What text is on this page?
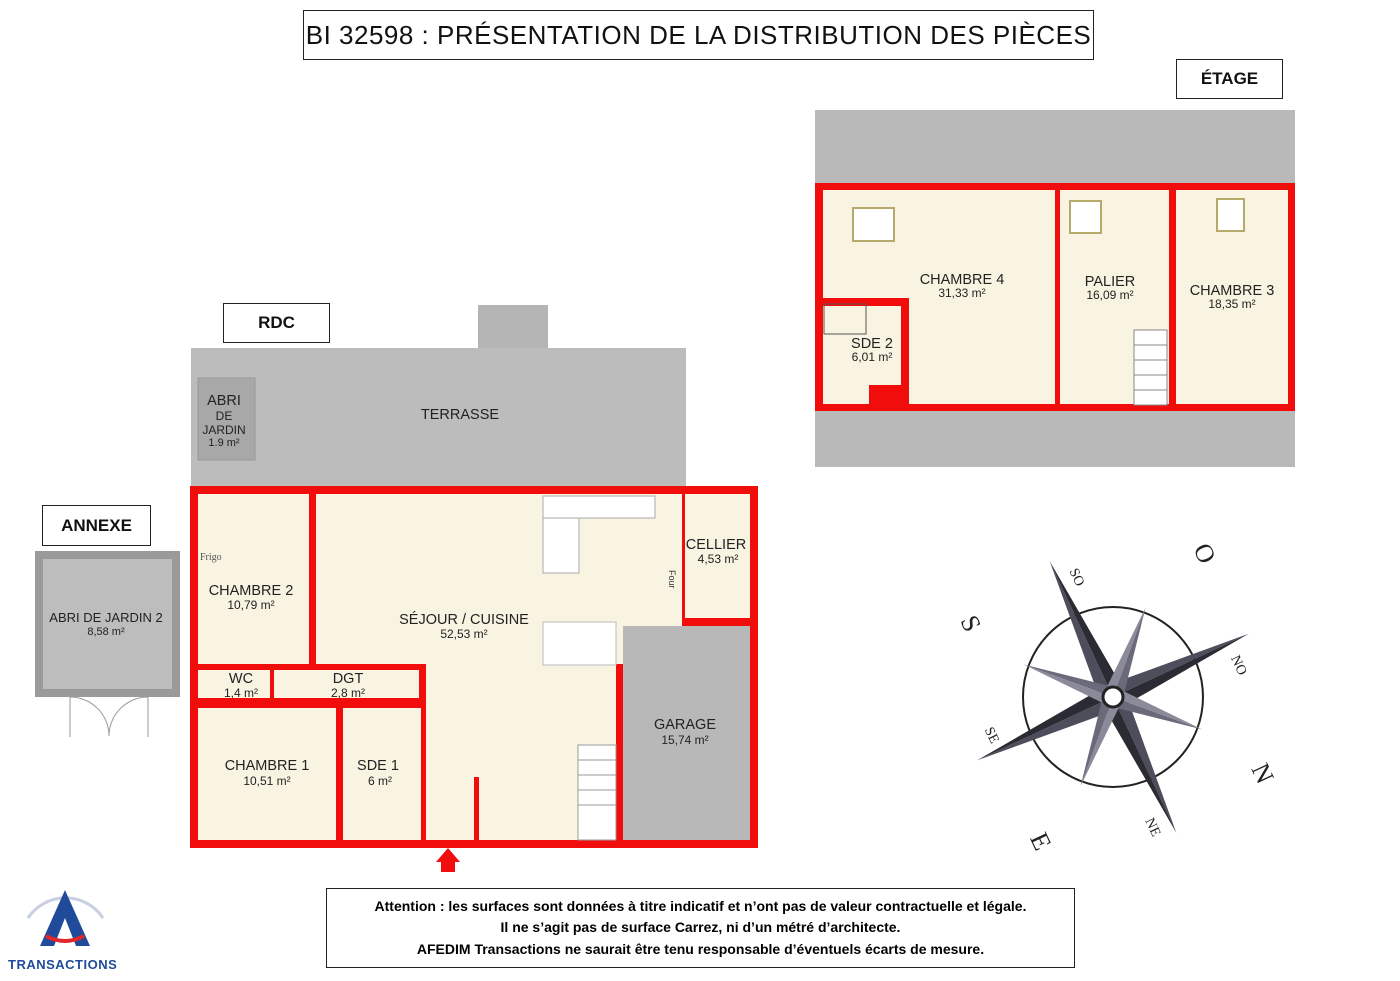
BI 32598 : PRÉSENTATION DE LA DISTRIBUTION DES PIÈCES
ÉTAGE
RDC
ANNEXE
CHAMBRE 4
31,33 m²
PALIER
16,09 m²	CHAMBRE 3
18,35 m²
SDE 2
6,01 m²
TERRASSE
ABRI
DE
JARDIN
1.9 m²
Frigo
Four
CHAMBRE 2
10,79 m²
SÉJOUR / CUISINE
52,53 m²
CELLIER
4,53 m²
WC
1,4 m²
DGT
2,8 m²
CHAMBRE 1
10,51 m²
SDE 1
6 m²
GARAGE
15,74 m²
ABRI DE JARDIN 2
8,58 m²
O
SO
S
SE
E
NE
N
NO
Attention : les surfaces sont données à titre indicatif et n’ont pas de valeur contractuelle et légale.
Il ne s’agit pas de surface Carrez, ni d’un métré d’architecte.
AFEDIM Transactions ne saurait être tenu responsable d’éventuels écarts de mesure.
TRANSACTIONS
